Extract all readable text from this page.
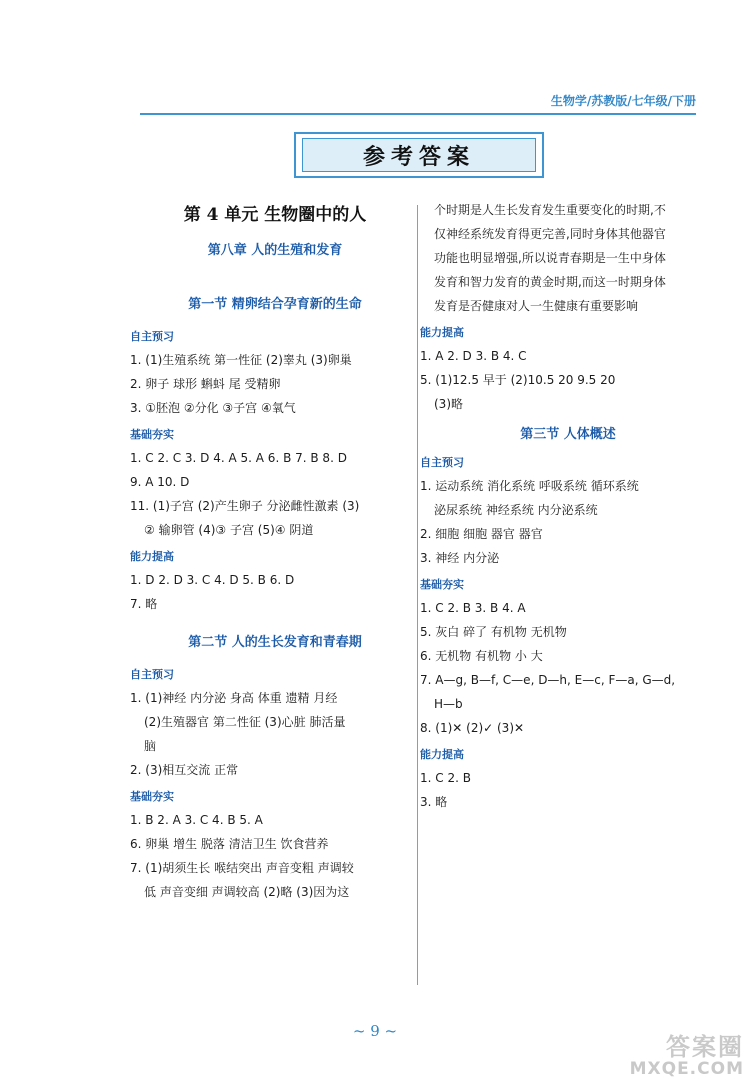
生物学/苏教版/七年级/下册
参考答案

第 4 单元 生物圈中的人

第八章 人的生殖和发育

第一节 精卵结合孕育新的生命

自主预习

1. (1)生殖系统 第一性征 (2)睾丸 (3)卵巢

2. 卵子 球形 蝌蚪 尾 受精卵

3. ①胚泡 ②分化 ③子宫 ④氧气

基础夯实

1. C 2. C 3. D 4. A 5. A 6. B 7. B 8. D

9. A 10. D

11. (1)子宫 (2)产生卵子 分泌雌性激素 (3)

② 输卵管 (4)③ 子宫 (5)④ 阴道

能力提高

1. D 2. D 3. C 4. D 5. B 6. D

7. 略

第二节 人的生长发育和青春期

自主预习

1. (1)神经 内分泌 身高 体重 遗精 月经

(2)生殖器官 第二性征 (3)心脏 肺活量

脑

2. (3)相互交流 正常

基础夯实

1. B 2. A 3. C 4. B 5. A

6. 卵巢 增生 脱落 清洁卫生 饮食营养

7. (1)胡须生长 喉结突出 声音变粗 声调较

低 声音变细 声调较高 (2)略 (3)因为这

个时期是人生长发育发生重要变化的时期,不

仅神经系统发育得更完善,同时身体其他器官

功能也明显增强,所以说青春期是一生中身体

发育和智力发育的黄金时期,而这一时期身体

发育是否健康对人一生健康有重要影响

能力提高

1. A 2. D 3. B 4. C

5. (1)12.5 早于 (2)10.5 20 9.5 20

(3)略

第三节 人体概述

自主预习

1. 运动系统 消化系统 呼吸系统 循环系统

泌尿系统 神经系统 内分泌系统

2. 细胞 细胞 器官 器官

3. 神经 内分泌

基础夯实

1. C 2. B 3. B 4. A

5. 灰白 碎了 有机物 无机物

6. 无机物 有机物 小 大

7. A—g, B—f, C—e, D—h, E—c, F—a, G—d,

H—b

8. (1)✕ (2)✓ (3)✕

能力提高

1. C 2. B

3. 略

~ 9 ~
答案圈
MXQE.COM
